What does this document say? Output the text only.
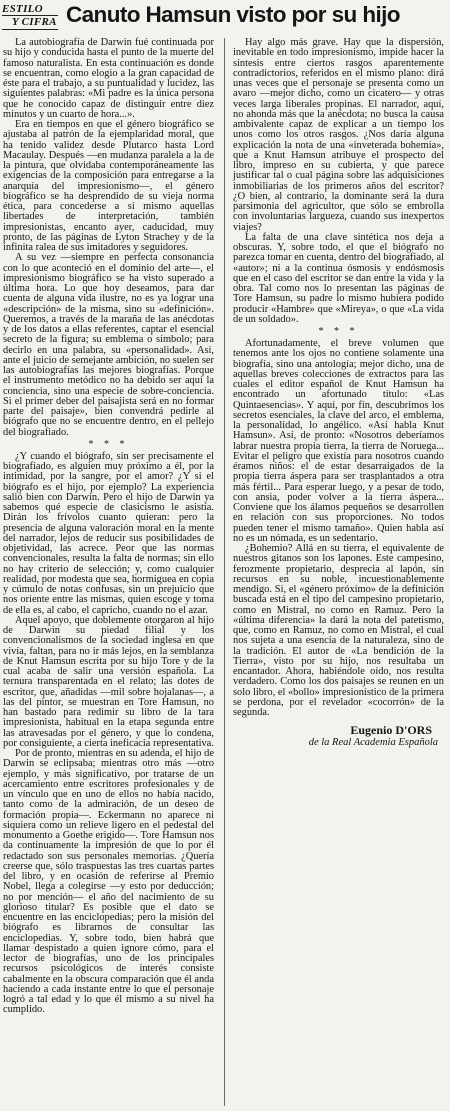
ESTILO
Y CIFRA Canuto Hamsun visto por su hijo

La autobiografía de Darwin fué continuada por su hijo y conducida hasta el punto de la muerte del famoso naturalista. En esta continuación es donde se encuentran, como elogio a la gran capacidad de éste para el trabajo, a su puntualidad y lucidez, las siguientes palabras: «Mi padre es la única persona que he conocido capaz de distinguir entre diez minutos y un cuarto de hora...».

Era en tiempos en que el género biográfico se ajustaba al patrón de la ejemplaridad moral, que ha tenido validez desde Plutarco hasta Lord Macaulay. Después —en mudanza paralela a la de la pintura, que olvidaba contemporáneamente las exigencias de la composición para entregarse a la anarquía del impresionismo—, el género biográfico se ha desprendido de su vieja norma ética, para concederse a sí mismo aquellas libertades de interpretación, también impresionistas, encanto ayer, caducidad, muy pronto, de las páginas de Lyton Strachey y de la infinita ralea de sus imitadores y seguidores.

A su vez —siempre en perfecta consonancia con lo que aconteció en el dominio del arte—, el impresionismo biográfico se ha visto superado a última hora. Lo que hoy deseamos, para dar cuenta de alguna vida ilustre, no es ya lograr una «descripción» de la misma, sino su «definición». Queremos, a través de la maraña de las anécdotas y de los datos a ellas referentes, captar el esencial secreto de la figura; su emblema o símbolo; para decirlo en una palabra, su «personalidad». Así, ante el juicio de semejante ambición, no suelen ser las autobiografías las mejores biografías. Porque el instrumento metódico no ha debido ser aquí la conciencia, sino una especie de sobre-conciencia. Si el primer deber del paisajista será en no formar parte del paisaje», bien convendrá pedirle al biógrafo que no se encuentre dentro, en el pellejo del biografiado.

* * *

¿Y cuando el biógrafo, sin ser precisamente el biografiado, es alguien muy próximo a él, por la intimidad, por la sangre, por el amor? ¿Y si el biógrafo es el hijo, por ejemplo? La experiencia salió bien con Darwin. Pero el hijo de Darwin ya sabemos qué especie de clasicismo le asistía. Dirán los frívolos cuanto quieran: pero la presencia de alguna valoración moral en la mente del narrador, lejos de reducir sus posibilidades de objetividad, las acrece. Peor que las normas convencionales, resulta la falta de normas; sin ello no hay criterio de selección; y, como cualquier realidad, por modesta que sea, hormiguea en copia y cúmulo de notas confusas, sin un prejuicio que nos oriente entre las mismas, quien escoge y toma de ella es, al cabo, el capricho, cuando no el azar.

Aquel apoyo, que doblemente otorgaron al hijo de Darwin su piedad filial y los convencionalismos de la sociedad inglesa en que vivía, faltan, para no ir más lejos, en la semblanza de Knut Hamsun escrita por su hijo Tore y de la cual acaba de salir una versión española. La ternura transparentada en el relato; las dotes de escritor, que, añadidas —mil sobre hojalanas—, a las del pintor, se muestran en Tore Hamsun, no han bastado para redimir su libro de la tara impresionista, habitual en la etapa segunda entre las atravesadas por el género, y que lo condena, por consiguiente, a cierta ineficacia representativa.

Por de pronto, mientras en su adenda, el hijo de Darwin se eclipsaba; mientras otro más —otro ejemplo, y más significativo, por tratarse de un acercamiento entre escritores profesionales y de un vínculo que en uno de ellos no había nacido, tanto como de la admiración, de un deseo de formación propia—. Eckermann no aparece ni siquiera como un relieve ligero en el pedestal del monumento a Goethe erigido—. Tore Hamsun nos da continuamente la impresión de que lo por él redactado son sus personales memorias. ¿Quería creerse que, sólo traspuestas las tres cuartas partes del libro, y en ocasión de referirse al Premio Nobel, llega a colegirse —y esto por deducción; no por mención— el año del nacimiento de su glorioso titular? Es posible que el dato se encuentre en las enciclopedias; pero la misión del biógrafo es librarnos de consultar las enciclopedias. Y, sobre todo, bien habrá que llamar despistado a quien ignore cómo, para el lector de biografías, uno de los principales recursos psicológicos de interés consiste cabalmente en la obscura comparación que él anda haciendo a cada instante entre lo que el personaje logró a tal edad y lo que él mismo a su nivel ha cumplido.

Hay algo más grave. Hay que la dispersión, inevitable en todo impresionismo, impide hacer la síntesis entre ciertos rasgos aparentemente contradictorios, referidos en el mismo plano: dirá unas veces que el personaje se presenta como un avaro —mejor dicho, como un cicatero— y otras veces larga liberales propinas. El narrador, aquí, no ahonda más que la anécdota; no busca la causa ambivalente capaz de explicar a un tiempo los unos como los otros rasgos. ¿Nos daría alguna explicación la nota de una «inveterada bohemia», que a Knut Hamsun atribuye el prospecto del libro, impreso en su cubierta, y que parece justificar tal o cual página sobre las adquisiciones inmobiliarias de los primeros años del escritor? ¿O bien, al contrario, la dominante será la dura parsimonia del agricultor, que sólo se embrolla con involuntarias largueza, cuando sus inexpertos viajes?

La falta de una clave sintética nos deja a obscuras. Y, sobre todo, el que el biógrafo no parezca tomar en cuenta, dentro del biografiado, al «autor»; ni a la continua ósmosis y endósmosis que en el caso del escritor se dan entre la vida y la obra. Tal como nos lo presentan las páginas de Tore Hamsun, su padre lo mismo hubiera podido producir «Hambre» que «Mireya», o que «La vida de un soldado».

* * *

Afortunadamente, el breve volumen que tenemos ante los ojos no contiene solamente una biografía, sino una antología; mejor dicho, una de aquellas breves colecciones de extractos para las cuales el editor español de Knut Hamsun ha encontrado un afortunado título: «Las Quintaesencias». Y aquí, por fin, descubrimos los secretos esenciales, la clave del arco, el emblema, la personalidad, lo angélico. «Así habla Knut Hamsun». Así, de pronto: «Nosotros deberíamos labrar nuestra propia tierra, la tierra de Noruega... Evitar el peligro que existía para nosotros cuando éramos niños: el de estar desarraigados de la propia tierra áspera para ser trasplantados a otra más fértil... Para esperar luego, y a pesar de todo, con ansia, poder volver a la tierra áspera... Conviene que los álamos pequeños se desarrollen en relación con sus proporciones. No todos pueden tener el mismo tamaño». Quien habla así no es un nómada, es un sedentario.

¿Bohemio? Allá en su tierra, el equivalente de nuestros gitanos son los lapones. Este campesino, ferozmente propietario, desprecia al lapón, sin recursos en su noble, incuestionablemente mendigo. Si, el «género próximo» de la definición buscada está en el tipo del campesino propietario, como en Mistral, no como en Ramuz. Pero la «última diferencia» la dará la nota del patetismo, que, como en Ramuz, no como en Mistral, el cual nos sujeta a una esencia de la naturaleza, sino de la tradición. El autor de «La bendición de la Tierra», visto por su hijo, nos resultaba un encantador. Ahora, habiéndole oído, nos resulta verdadero. Como los dos paisajes se reunen en un solo libro, el «bollo» impresionístico de la primera se perdona, por el revelador «cocorrón» de la segunda.

Eugenio D'ORS
de la Real Academia Española
